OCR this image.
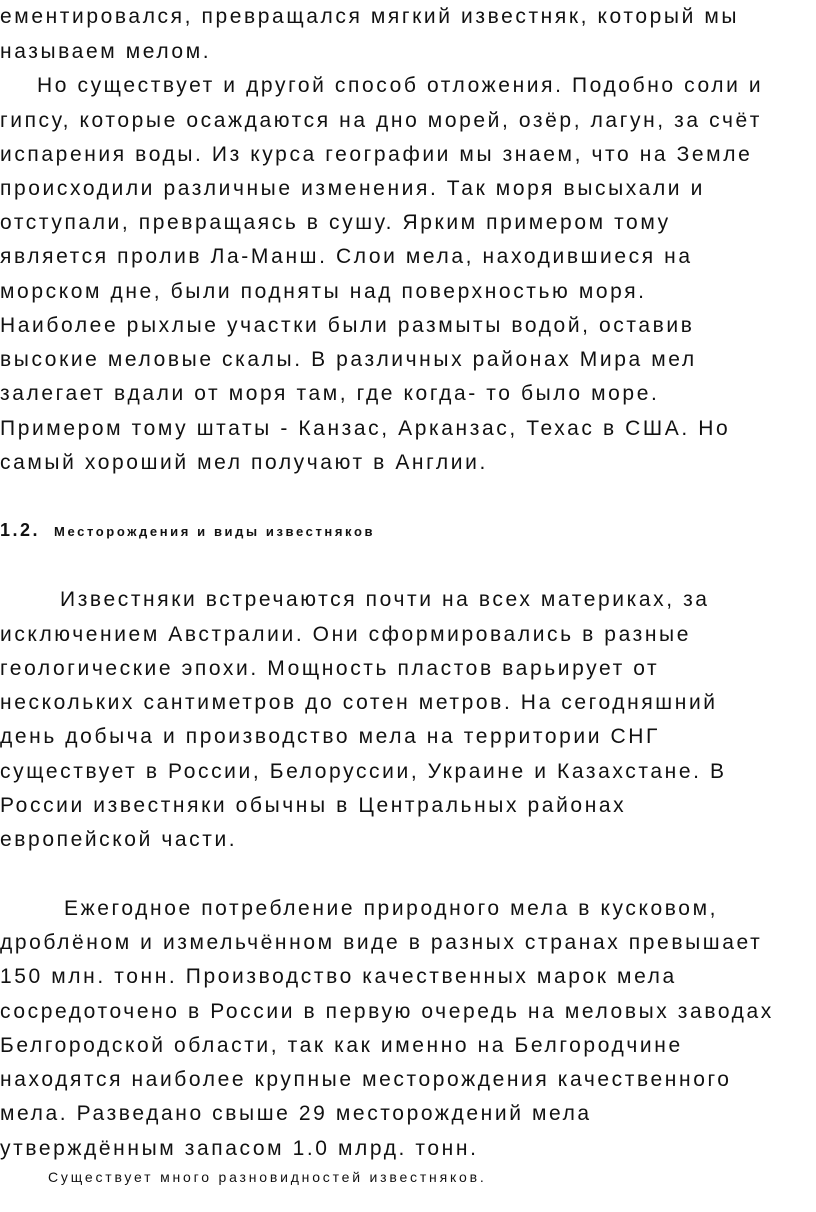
ементировался, превращался мягкий известняк, который мы
называем мелом.
Но существует и другой способ отложения. Подобно соли и
гипсу, которые осаждаются на дно морей, озёр, лагун, за счёт
испарения воды. Из курса географии мы знаем, что на Земле
происходили различные изменения. Так моря высыхали и
отступали, превращаясь в сушу. Ярким примером тому
является пролив Ла-Манш. Слои мела, находившиеся на
морском дне, были подняты над поверхностью моря.
Наиболее рыхлые участки были размыты водой, оставив
высокие меловые скалы. В различных районах Мира мел
залегает вдали от моря там, где когда- то было море.
Примером тому штаты - Канзас, Арканзас, Техас в США. Но
самый хороший мел получают в Англии.
1.2. Месторождения и виды известняков
Известняки встречаются почти на всех материках, за
исключением Австралии. Они сформировались в разные
геологические эпохи. Мощность пластов варьирует от
нескольких сантиметров до сотен метров. На сегодняшний
день добыча и производство мела на территории СНГ
существует в России, Белоруссии, Украине и Казахстане. В
России известняки обычны в Центральных районах
европейской части.
Ежегодное потребление природного мела в кусковом,
дроблёном и измельчённом виде в разных странах превышает
150 млн. тонн. Производство качественных марок мела
сосредоточено в России в первую очередь на меловых заводах
Белгородской области, так как именно на Белгородчине
находятся наиболее крупные месторождения качественного
мела. Разведано свыше 29 месторождений мела
утверждённым запасом 1.0 млрд. тонн.
Существует много разновидностей известняков.
